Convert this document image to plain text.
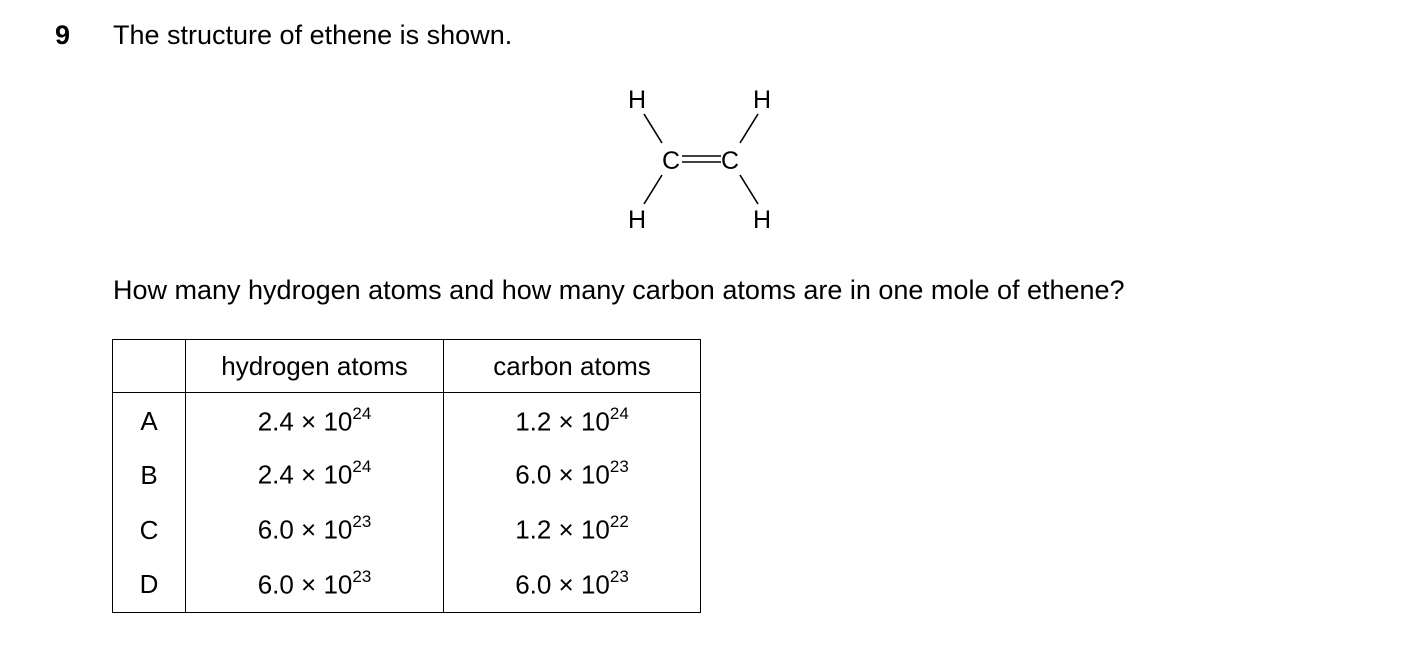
9 The structure of ethene is shown.
H	H
C C
H	H
How many hydrogen atoms and how many carbon atoms are in one mole of ethene?
	hydrogen atoms	carbon atoms
A	$2.4 \times 10^{24}$	$1.2 \times 10^{24}$
B	$2.4 \times 10^{24}$	$6.0 \times 10^{23}$
C	$6.0 \times 10^{23}$	$1.2 \times 10^{22}$
D	$6.0 \times 10^{23}$	$6.0 \times 10^{23}$
